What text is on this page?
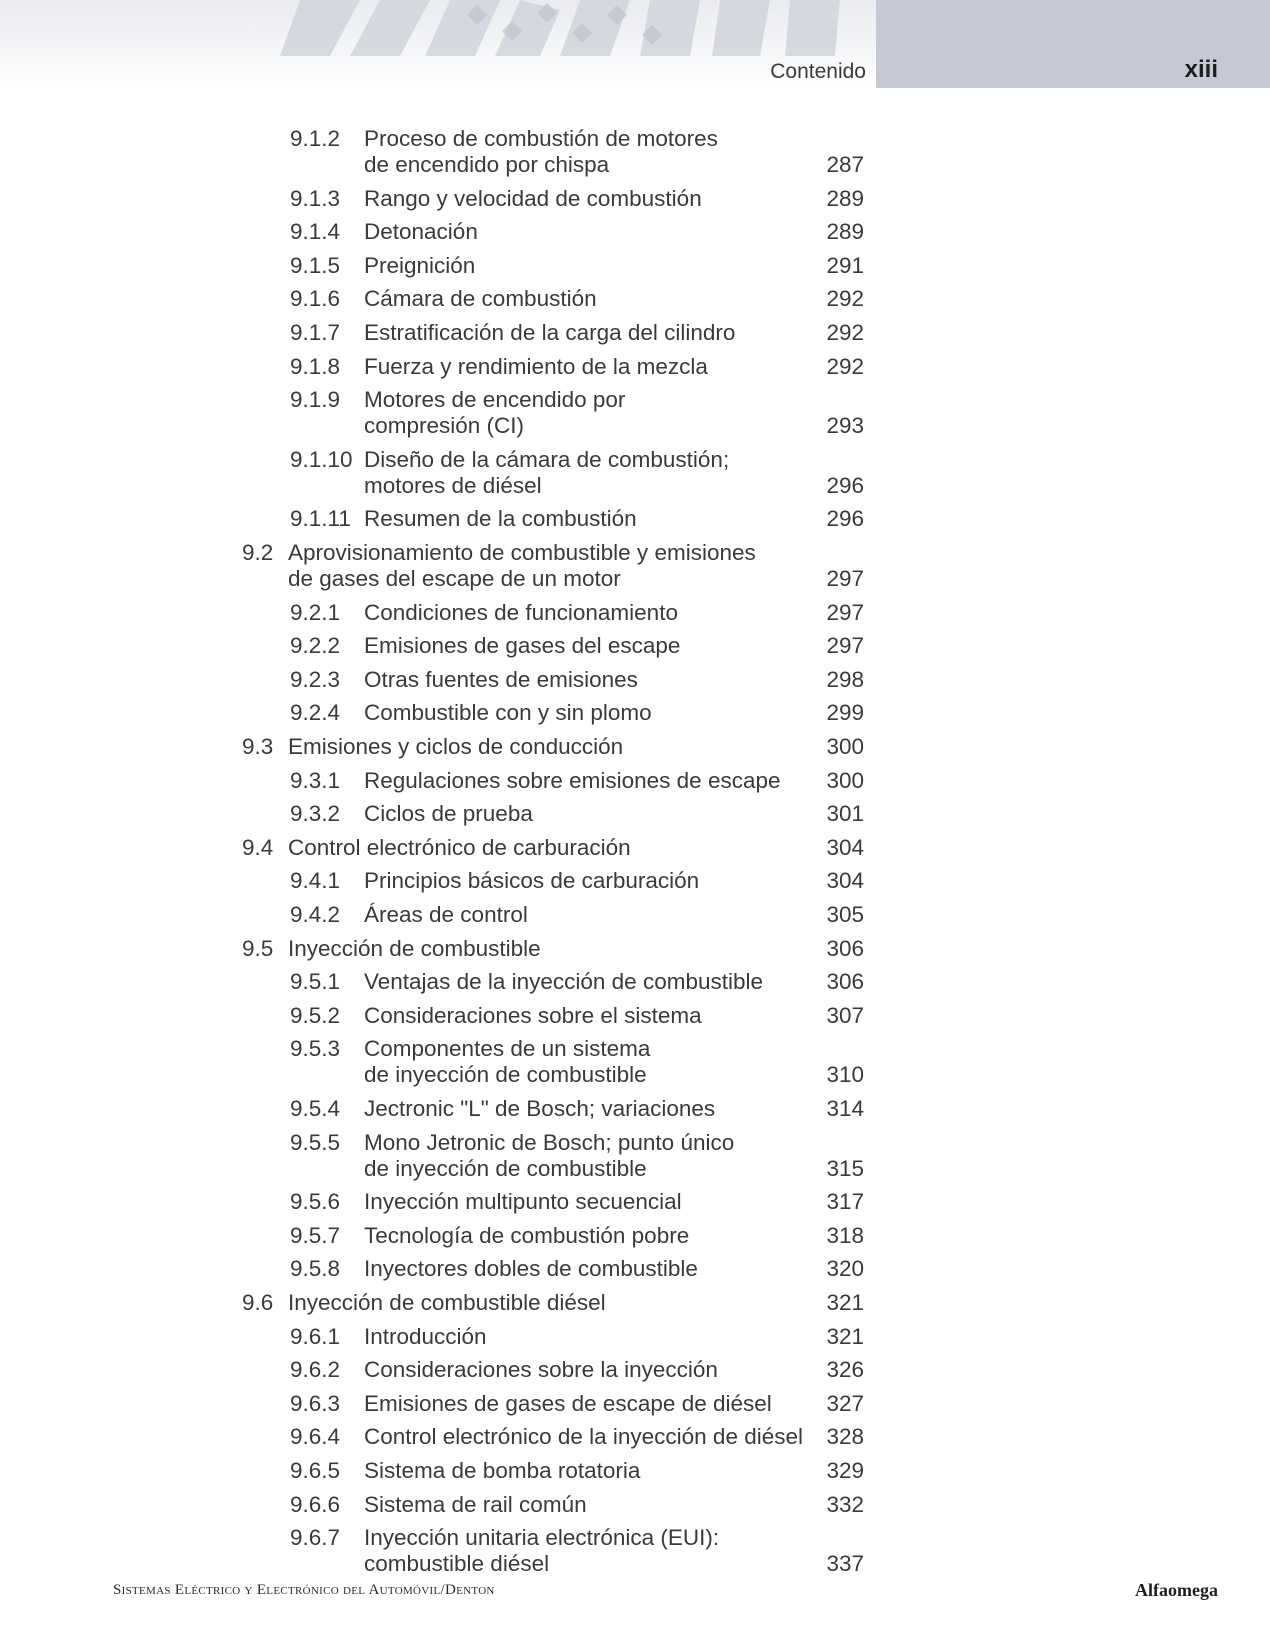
Contenido	xiii
9.1.2 Proceso de combustión de motores
de encendido por chispa	287
9.1.3 Rango y velocidad de combustión	289
9.1.4 Detonación	289
9.1.5 Preignición	291
9.1.6 Cámara de combustión	292
9.1.7 Estratificación de la carga del cilindro	292
9.1.8 Fuerza y rendimiento de la mezcla	292
9.1.9 Motores de encendido por
compresión (CI)	293
9.1.10 Diseño de la cámara de combustión;
motores de diésel	296
9.1.11 Resumen de la combustión	296
9.2 Aprovisionamiento de combustible y emisiones
de gases del escape de un motor	297
9.2.1 Condiciones de funcionamiento	297
9.2.2 Emisiones de gases del escape	297
9.2.3 Otras fuentes de emisiones	298
9.2.4 Combustible con y sin plomo	299
9.3 Emisiones y ciclos de conducción	300
9.3.1 Regulaciones sobre emisiones de escape 300
9.3.2 Ciclos de prueba	301
9.4 Control electrónico de carburación	304
9.4.1 Principios básicos de carburación	304
9.4.2 Áreas de control	305
9.5 Inyección de combustible	306
9.5.1 Ventajas de la inyección de combustible	306
9.5.2 Consideraciones sobre el sistema	307
9.5.3 Componentes de un sistema
de inyección de combustible	310
9.5.4 Jectronic "L" de Bosch; variaciones	314
9.5.5 Mono Jetronic de Bosch; punto único
de inyección de combustible	315
9.5.6 Inyección multipunto secuencial	317
9.5.7 Tecnología de combustión pobre	318
9.5.8 Inyectores dobles de combustible	320
9.6 Inyección de combustible diésel	321
9.6.1 Introducción	321
9.6.2 Consideraciones sobre la inyección	326
9.6.3 Emisiones de gases de escape de diésel 327
9.6.4 Control electrónico de la inyección de diésel 328
9.6.5 Sistema de bomba rotatoria	329
9.6.6 Sistema de rail común	332
9.6.7 Inyección unitaria electrónica (EUI):
combustible diésel	337
Sistemas Eléctrico y Electrónico del Automóvil/Denton	Alfaomega
